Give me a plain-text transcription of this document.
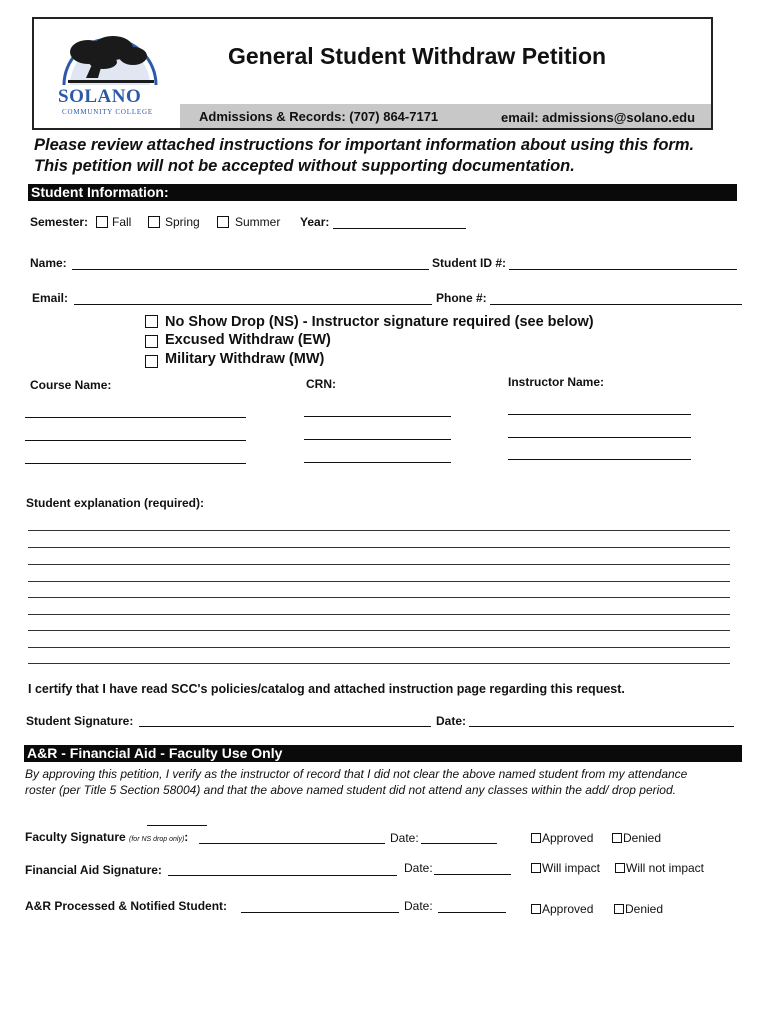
SOLANO
COMMUNITY COLLEGE
General Student Withdraw Petition
Admissions & Records: (707) 864-7171	email: admissions@solano.edu
Please review attached instructions for important information about using this form.
This petition will not be accepted without supporting documentation.
Student Information:
Semester: Fall	Spring	Summer Year:
Name:	Student ID #:
Email:	Phone #:
No Show Drop (NS) - Instructor signature required (see below)
Excused Withdraw (EW)
Military Withdraw (MW)
Course Name:	CRN:	Instructor Name:
Student explanation (required):
I certify that I have read SCC's policies/catalog and attached instruction page regarding this request.
Student Signature:	Date:
A&R - Financial Aid - Faculty Use Only
By approving this petition, I verify as the instructor of record that I did not clear the above named student from my attendance roster (per Title 5 Section 58004) and that the above named student did not attend any classes within the add/ drop period.
Faculty Signature (for NS drop only):	Date:	Approved Denied
Financial Aid Signature:	Date:	Will impact Will not impact
A&R Processed & Notified Student:	Date:	Approved	Denied
